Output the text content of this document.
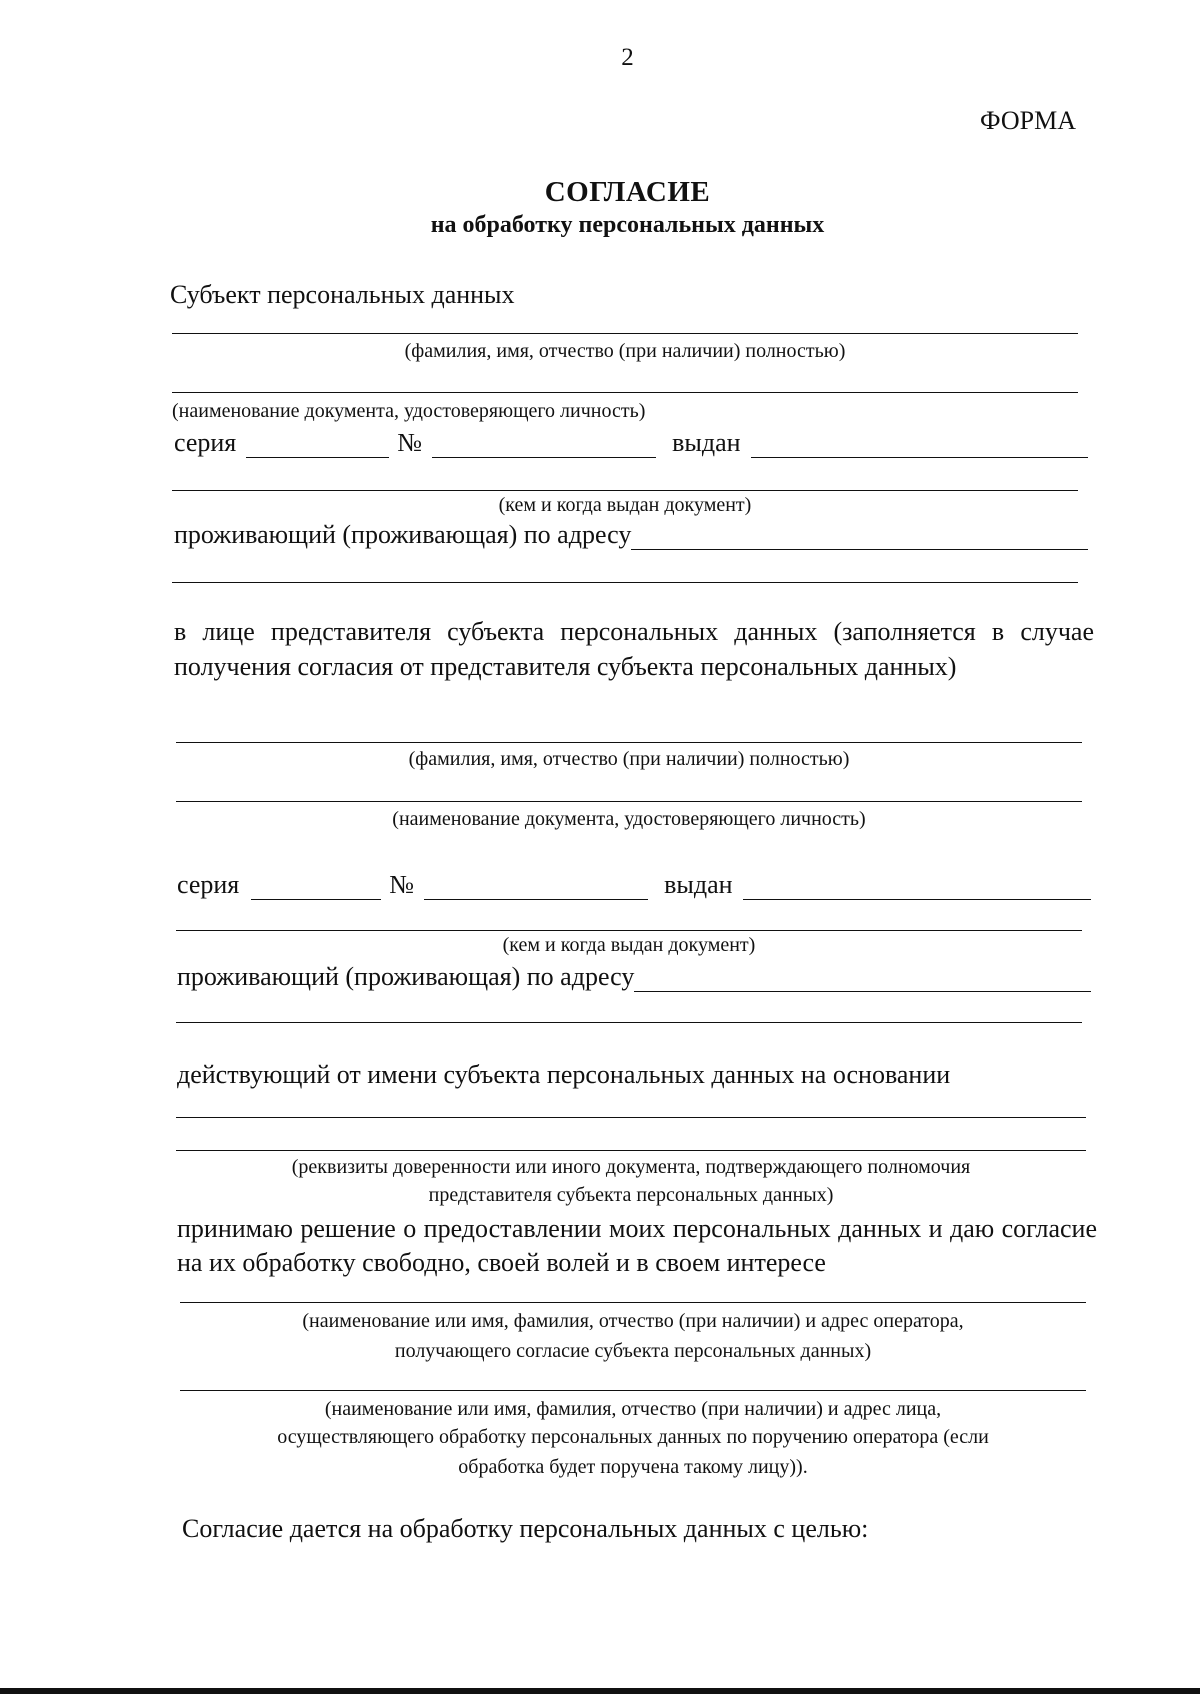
2
ФОРМА
СОГЛАСИЕ
на обработку персональных данных
Субъект персональных данных
(фамилия, имя, отчество (при наличии) полностью)
(наименование документа, удостоверяющего личность)
серия	№	выдан
(кем и когда выдан документ)
проживающий (проживающая) по адресу
в лице представителя субъекта персональных данных (заполняется в случае получения согласия от представителя субъекта персональных данных)
(фамилия, имя, отчество (при наличии) полностью)
(наименование документа, удостоверяющего личность)
серия	№	выдан
(кем и когда выдан документ)
проживающий (проживающая) по адресу
действующий от имени субъекта персональных данных на основании
(реквизиты доверенности или иного документа, подтверждающего полномочия
представителя субъекта персональных данных)
принимаю решение о предоставлении моих персональных данных и даю согласие на их обработку свободно, своей волей и в своем интересе
(наименование или имя, фамилия, отчество (при наличии) и адрес оператора,
получающего согласие субъекта персональных данных)
(наименование или имя, фамилия, отчество (при наличии) и адрес лица,
осуществляющего обработку персональных данных по поручению оператора (если
обработка будет поручена такому лицу)).
Согласие дается на обработку персональных данных с целью:
